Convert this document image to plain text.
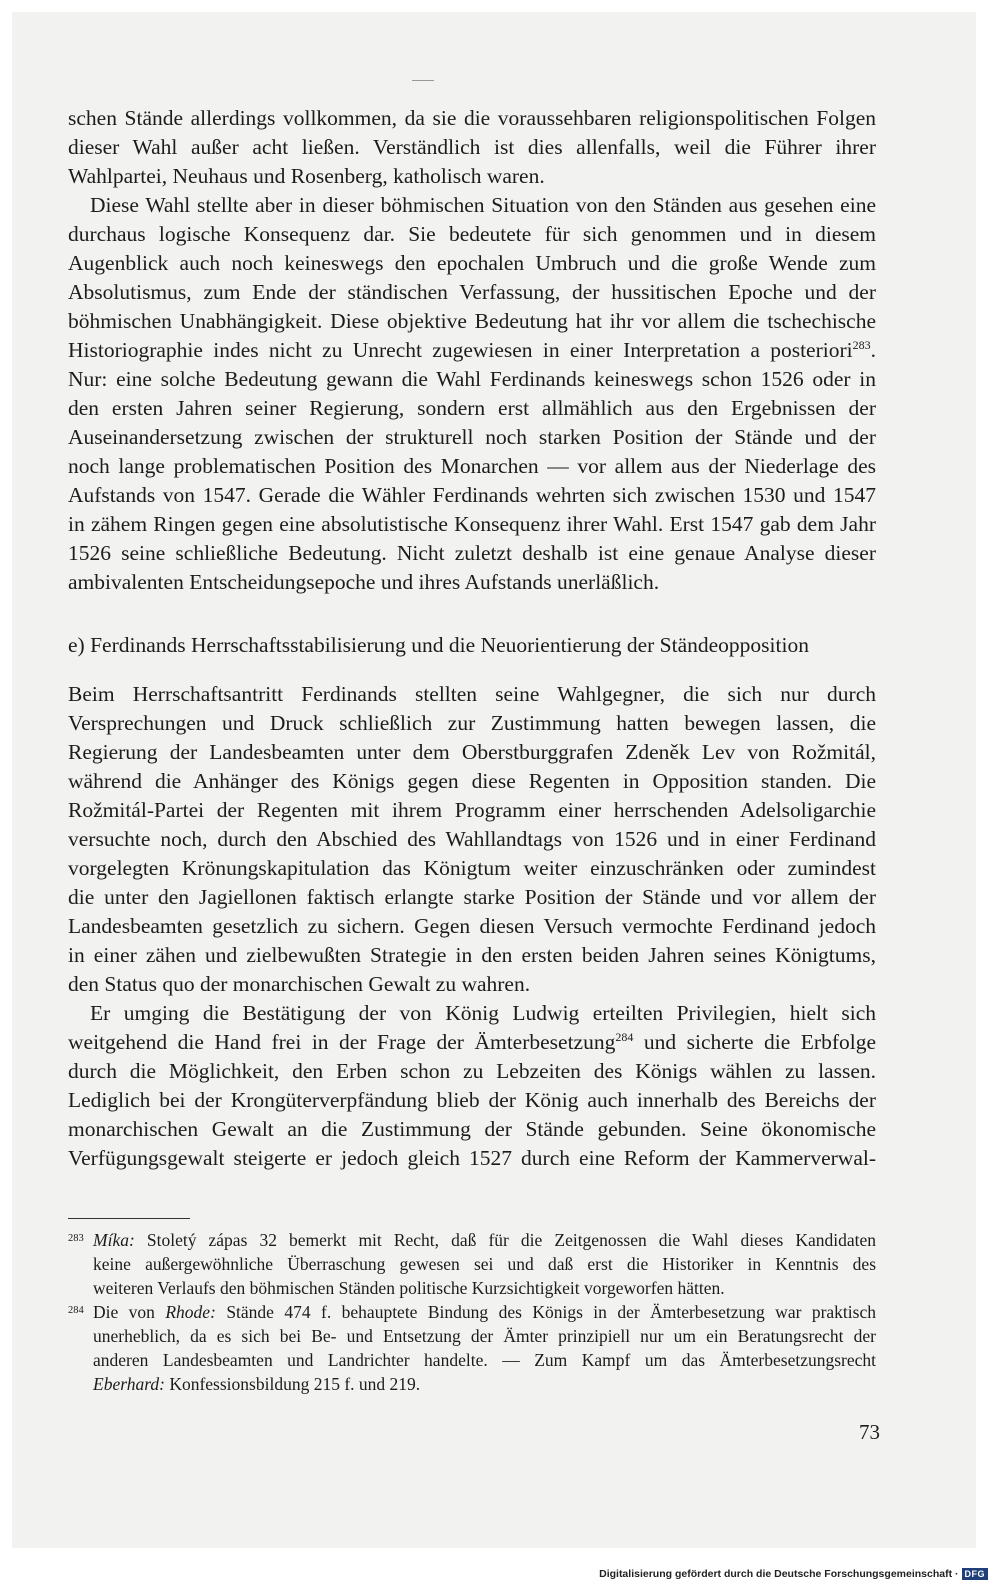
schen Stände allerdings vollkommen, da sie die voraussehbaren religionspolitischen Folgen
dieser Wahl außer acht ließen. Verständlich ist dies allenfalls, weil die Führer ihrer
Wahlpartei, Neuhaus und Rosenberg, katholisch waren.
Diese Wahl stellte aber in dieser böhmischen Situation von den Ständen aus gesehen eine
durchaus logische Konsequenz dar. Sie bedeutete für sich genommen und in diesem
Augenblick auch noch keineswegs den epochalen Umbruch und die große Wende zum
Absolutismus, zum Ende der ständischen Verfassung, der hussitischen Epoche und der
böhmischen Unabhängigkeit. Diese objektive Bedeutung hat ihr vor allem die tschechische
Historiographie indes nicht zu Unrecht zugewiesen in einer Interpretation a posteriori$^{283}$.
Nur: eine solche Bedeutung gewann die Wahl Ferdinands keineswegs schon 1526 oder in
den ersten Jahren seiner Regierung, sondern erst allmählich aus den Ergebnissen der
Auseinandersetzung zwischen der strukturell noch starken Position der Stände und der
noch lange problematischen Position des Monarchen — vor allem aus der Niederlage des
Aufstands von 1547. Gerade die Wähler Ferdinands wehrten sich zwischen 1530 und 1547
in zähem Ringen gegen eine absolutistische Konsequenz ihrer Wahl. Erst 1547 gab dem Jahr
1526 seine schließliche Bedeutung. Nicht zuletzt deshalb ist eine genaue Analyse dieser
ambivalenten Entscheidungsepoche und ihres Aufstands unerläßlich.
e) Ferdinands Herrschaftsstabilisierung und die Neuorientierung der Ständeopposition
Beim Herrschaftsantritt Ferdinands stellten seine Wahlgegner, die sich nur durch
Versprechungen und Druck schließlich zur Zustimmung hatten bewegen lassen, die
Regierung der Landesbeamten unter dem Oberstburggrafen Zdeněk Lev von Rožmitál,
während die Anhänger des Königs gegen diese Regenten in Opposition standen. Die
Rožmitál-Partei der Regenten mit ihrem Programm einer herrschenden Adelsoligarchie
versuchte noch, durch den Abschied des Wahllandtags von 1526 und in einer Ferdinand
vorgelegten Krönungskapitulation das Königtum weiter einzuschränken oder zumindest
die unter den Jagiellonen faktisch erlangte starke Position der Stände und vor allem der
Landesbeamten gesetzlich zu sichern. Gegen diesen Versuch vermochte Ferdinand jedoch
in einer zähen und zielbewußten Strategie in den ersten beiden Jahren seines Königtums,
den Status quo der monarchischen Gewalt zu wahren.
Er umging die Bestätigung der von König Ludwig erteilten Privilegien, hielt sich
weitgehend die Hand frei in der Frage der Ämterbesetzung$^{284}$ und sicherte die Erbfolge
durch die Möglichkeit, den Erben schon zu Lebzeiten des Königs wählen zu lassen.
Lediglich bei der Krongüterverpfändung blieb der König auch innerhalb des Bereichs der
monarchischen Gewalt an die Zustimmung der Stände gebunden. Seine ökonomische
Verfügungsgewalt steigerte er jedoch gleich 1527 durch eine Reform der Kammerverwal-
283 Míka: Stoletý zápas 32 bemerkt mit Recht, daß für die Zeitgenossen die Wahl dieses Kandidaten
keine außergewöhnliche Überraschung gewesen sei und daß erst die Historiker in Kenntnis des
weiteren Verlaufs den böhmischen Ständen politische Kurzsichtigkeit vorgeworfen hätten.
284 Die von Rhode: Stände 474 f. behauptete Bindung des Königs in der Ämterbesetzung war praktisch
unerheblich, da es sich bei Be- und Entsetzung der Ämter prinzipiell nur um ein Beratungsrecht der
anderen Landesbeamten und Landrichter handelte. — Zum Kampf um das Ämterbesetzungsrecht
Eberhard: Konfessionsbildung 215 f. und 219.
73
Digitalisierung gefördert durch die Deutsche Forschungsgemeinschaft · DFG
